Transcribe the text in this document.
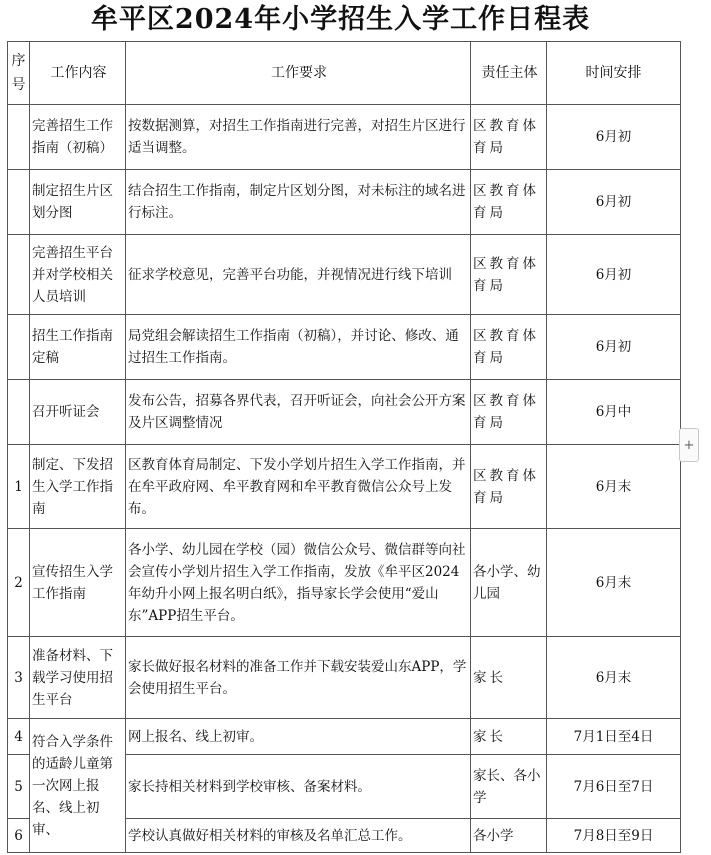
牟平区2024年小学招生入学工作日程表
序号	工作内容	工作要求	责任主体	时间安排
	完善招生工作指南（初稿）	按数据测算，对招生工作指南进行完善，对招生片区进行适当调整。	区教育体育局	6月初
	制定招生片区划分图	结合招生工作指南，制定片区划分图，对未标注的域名进行标注。	区教育体育局	6月初
	完善招生平台并对学校相关人员培训	征求学校意见，完善平台功能，并视情况进行线下培训	区教育体育局	6月初
	招生工作指南定稿	局党组会解读招生工作指南（初稿），并讨论、修改、通过招生工作指南。	区教育体育局	6月初
	召开听证会	发布公告，招募各界代表，召开听证会，向社会公开方案及片区调整情况	区教育体育局	6月中
1	制定、下发招生入学工作指南	区教育体育局制定、下发小学划片招生入学工作指南，并在牟平政府网、牟平教育网和牟平教育微信公众号上发布。	区教育体育局	6月末
2	宣传招生入学工作指南	各小学、幼儿园在学校（园）微信公众号、微信群等向社会宣传小学划片招生入学工作指南，发放《牟平区2024年幼升小网上报名明白纸》，指导家长学会使用“爱山东”APP招生平台。	各小学、幼儿园	6月末
3	准备材料、下载学习使用招生平台	家长做好报名材料的准备工作并下载安装爱山东APP，学会使用招生平台。	家长	6月末
4	符合入学条件的适龄儿童第一次网上报名、线上初审、	网上报名、线上初审。	家长	7月1日至4日
5		家长持相关材料到学校审核、备案材料。	家长、各小学	7月6日至7日
6		学校认真做好相关材料的审核及名单汇总工作。	各小学	7月8日至9日
+
